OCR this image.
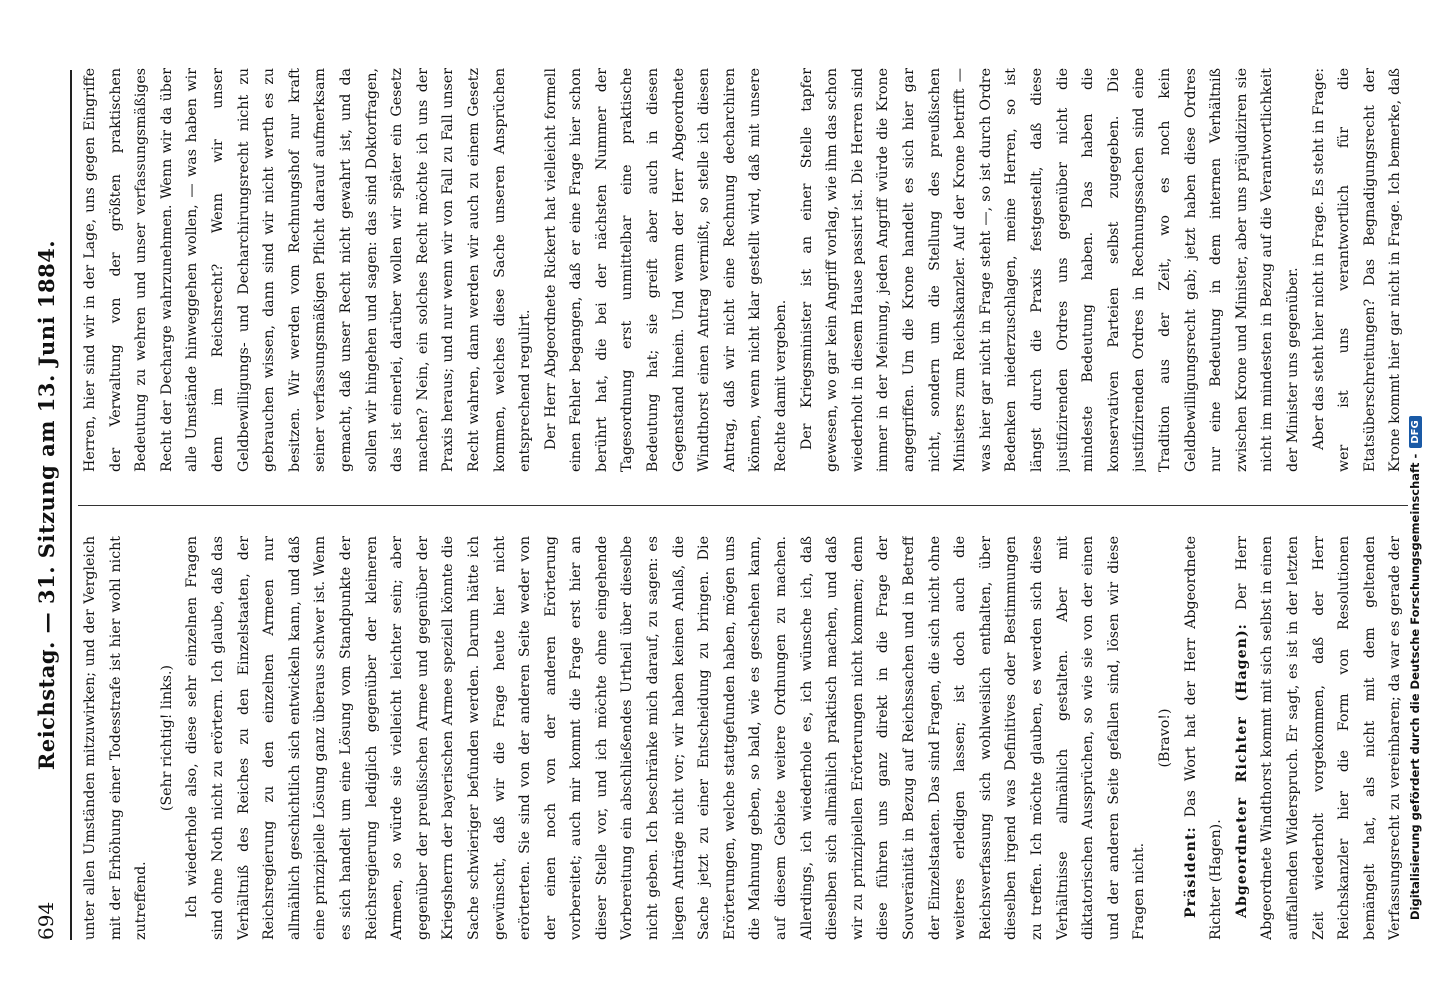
694
Reichstag. — 31. Sitzung am 13. Juni 1884. unter allen Umständen mitzuwirken; und der Vergleich mit der Erhöhung einer Todesstrafe ist hier wohl nicht zutreffend.

(Sehr richtig! links.) Ich wiederhole also, diese sehr einzelnen Fragen sind ohne Noth nicht zu erörtern. Ich glaube, daß das Verhältniß des Reiches zu den Einzelstaaten, der Reichsregierung zu den einzelnen Armeen nur allmählich geschichtlich sich entwickeln kann, und daß eine prinzipielle Lösung ganz überaus schwer ist. Wenn es sich handelt um eine Lösung vom Standpunkte der Reichsregierung lediglich gegenüber der kleineren Armeen, so würde sie vielleicht leichter sein; aber gegenüber der preußischen Armee und gegenüber der Kriegsherrn der bayerischen Armee speziell könnte die Sache schwieriger befunden werden. Darum hätte ich gewünscht, daß wir die Frage heute hier nicht erörterten. Sie sind von der anderen Seite weder von der einen noch von der anderen Erörterung vorbereitet; auch mir kommt die Frage erst hier an dieser Stelle vor, und ich möchte ohne eingehende Vorbereitung ein abschließendes Urtheil über dieselbe nicht geben. Ich beschränke mich darauf, zu sagen: es liegen Anträge nicht vor; wir haben keinen Anlaß, die Sache jetzt zu einer Entscheidung zu bringen. Die Erörterungen, welche stattgefunden haben, mögen uns die Mahnung geben, so bald, wie es geschehen kann, auf diesem Gebiete weitere Ordnungen zu machen. Allerdings, ich wiederhole es, ich wünsche ich, daß dieselben sich allmählich praktisch machen, und daß wir zu prinzipiellen Erörterungen nicht kommen; denn diese führen uns ganz direkt in die Frage der Souveränität in Bezug auf Reichssachen und in Betreff der Einzelstaaten. Das sind Fragen, die sich nicht ohne weiteres erledigen lassen; ist doch auch die Reichsverfassung sich wohlweislich enthalten, über dieselben irgend was Definitives oder Bestimmungen zu treffen. Ich möchte glauben, es werden sich diese Verhältnisse allmählich gestalten. Aber mit diktatorischen Aussprüchen, so wie sie von der einen und der anderen Seite gefallen sind, lösen wir diese Fragen nicht.

(Bravo!)

Präsident: Das Wort hat der Herr Abgeordnete Richter (Hagen). Abgeordneter Richter (Hagen): Der Herr Abgeordnete Windthorst kommt mit sich selbst in einen auffallenden Widerspruch. Er sagt, es ist in der letzten Zeit wiederholt vorgekommen, daß der Herr Reichskanzler hier die Form von Resolutionen bemängelt hat, als nicht mit dem geltenden Verfassungsrecht zu vereinbaren; da war es gerade der

Herren, hier sind wir in der Lage, uns gegen Eingriffe der Verwaltung von der größten praktischen Bedeutung zu wehren und unser verfassungsmäßiges Recht der Decharge wahrzunehmen. Wenn wir da über alle Umstände hinweggehen wollen, — was haben wir denn im Reichsrecht? Wenn wir unser Geldbewilligungs- und Decharchirungsrecht nicht zu gebrauchen wissen, dann sind wir nicht werth es zu besitzen. Wir werden vom Rechnungshof nur kraft seiner verfassungsmäßigen Pflicht darauf aufmerksam gemacht, daß unser Recht nicht gewahrt ist, und da sollen wir hingehen und sagen: das sind Doktorfragen, das ist einerlei, darüber wollen wir später ein Gesetz machen? Nein, ein solches Recht möchte ich uns der Praxis heraus; und nur wenn wir von Fall zu Fall unser Recht wahren, dann werden wir auch zu einem Gesetz kommen, welches diese Sache unseren Ansprüchen entsprechend regulirt. Der Herr Abgeordnete Rickert hat vielleicht formell einen Fehler begangen, daß er eine Frage hier schon berührt hat, die bei der nächsten Nummer der Tagesordnung erst unmittelbar eine praktische Bedeutung hat; sie greift aber auch in diesen Gegenstand hinein. Und wenn der Herr Abgeordnete Windthorst einen Antrag vermißt, so stelle ich diesen Antrag, daß wir nicht eine Rechnung decharchiren können, wenn nicht klar gestellt wird, daß mit unsere Rechte damit vergeben. Der Kriegsminister ist an einer Stelle tapfer gewesen, wo gar kein Angriff vorlag, wie ihm das schon wiederholt in diesem Hause passirt ist. Die Herren sind immer in der Meinung, jeden Angriff würde die Krone angegriffen. Um die Krone handelt es sich hier gar nicht, sondern um die Stellung des preußischen Ministers zum Reichskanzler. Auf der Krone betrifft — was hier gar nicht in Frage steht —, so ist durch Ordre Bedenken niederzuschlagen, meine Herren, so ist längst durch die Praxis festgestellt, daß diese justifizirenden Ordres uns gegenüber nicht die mindeste Bedeutung haben. Das haben die konservativen Parteien selbst zugegeben. Die justifizirenden Ordres in Rechnungssachen sind eine Tradition aus der Zeit, wo es noch kein Geldbewilligungsrecht gab; jetzt haben diese Ordres nur eine Bedeutung in dem internen Verhältniß zwischen Krone und Minister, aber uns präjudiziren sie nicht im mindesten in Bezug auf die Verantwortlichkeit der Minister uns gegenüber. Aber das steht hier nicht in Frage. Es steht in Frage: wer ist uns verantwortlich für die Etatsüberschreitungen? Das Begnadigungsrecht der Krone kommt hier gar nicht in Frage. Ich bemerke, daß

Digitalisierung gefördert durch die Deutsche Forschungsgemeinschaft -
DFG
